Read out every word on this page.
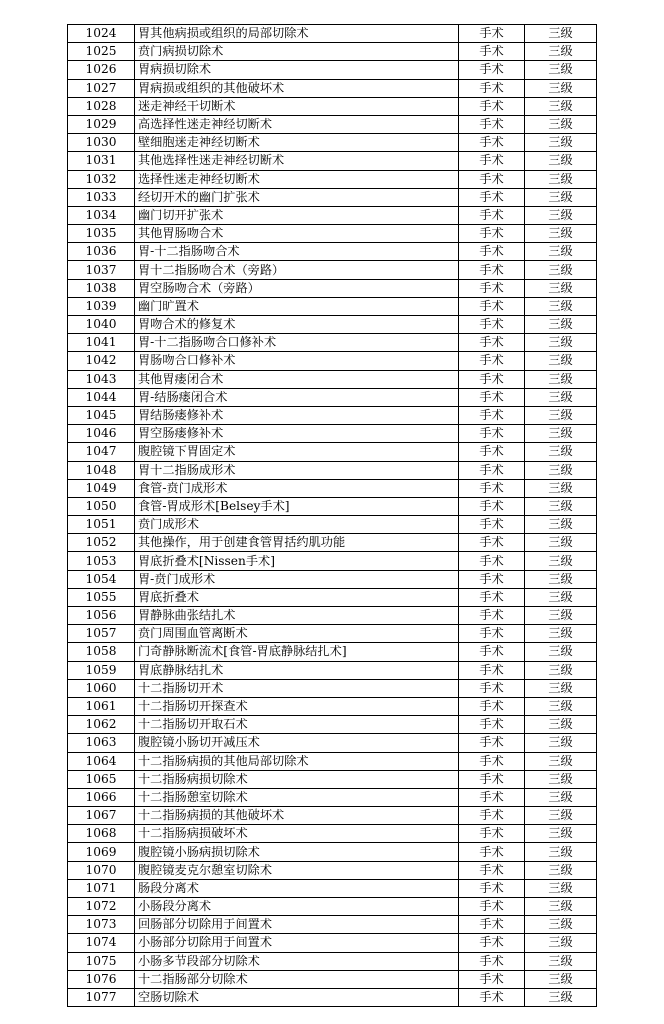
1024	胃其他病损或组织的局部切除术	手术	三级
1025	贲门病损切除术	手术	三级
1026	胃病损切除术	手术	三级
1027	胃病损或组织的其他破坏术	手术	三级
1028	迷走神经干切断术	手术	三级
1029	高选择性迷走神经切断术	手术	三级
1030	壁细胞迷走神经切断术	手术	三级
1031	其他选择性迷走神经切断术	手术	三级
1032	选择性迷走神经切断术	手术	三级
1033	经切开术的幽门扩张术	手术	三级
1034	幽门切开扩张术	手术	三级
1035	其他胃肠吻合术	手术	三级
1036	胃-十二指肠吻合术	手术	三级
1037	胃十二指肠吻合术（旁路）	手术	三级
1038	胃空肠吻合术（旁路）	手术	三级
1039	幽门旷置术	手术	三级
1040	胃吻合术的修复术	手术	三级
1041	胃-十二指肠吻合口修补术	手术	三级
1042	胃肠吻合口修补术	手术	三级
1043	其他胃瘘闭合术	手术	三级
1044	胃-结肠瘘闭合术	手术	三级
1045	胃结肠瘘修补术	手术	三级
1046	胃空肠瘘修补术	手术	三级
1047	腹腔镜下胃固定术	手术	三级
1048	胃十二指肠成形术	手术	三级
1049	食管-贲门成形术	手术	三级
1050	食管-胃成形术[Belsey手术]	手术	三级
1051	贲门成形术	手术	三级
1052	其他操作，用于创建食管胃括约肌功能	手术	三级
1053	胃底折叠术[Nissen手术]	手术	三级
1054	胃-贲门成形术	手术	三级
1055	胃底折叠术	手术	三级
1056	胃静脉曲张结扎术	手术	三级
1057	贲门周围血管离断术	手术	三级
1058	门奇静脉断流术[食管-胃底静脉结扎术]	手术	三级
1059	胃底静脉结扎术	手术	三级
1060	十二指肠切开术	手术	三级
1061	十二指肠切开探查术	手术	三级
1062	十二指肠切开取石术	手术	三级
1063	腹腔镜小肠切开减压术	手术	三级
1064	十二指肠病损的其他局部切除术	手术	三级
1065	十二指肠病损切除术	手术	三级
1066	十二指肠憩室切除术	手术	三级
1067	十二指肠病损的其他破坏术	手术	三级
1068	十二指肠病损破坏术	手术	三级
1069	腹腔镜小肠病损切除术	手术	三级
1070	腹腔镜麦克尔憩室切除术	手术	三级
1071	肠段分离术	手术	三级
1072	小肠段分离术	手术	三级
1073	回肠部分切除用于间置术	手术	三级
1074	小肠部分切除用于间置术	手术	三级
1075	小肠多节段部分切除术	手术	三级
1076	十二指肠部分切除术	手术	三级
1077	空肠切除术	手术	三级
